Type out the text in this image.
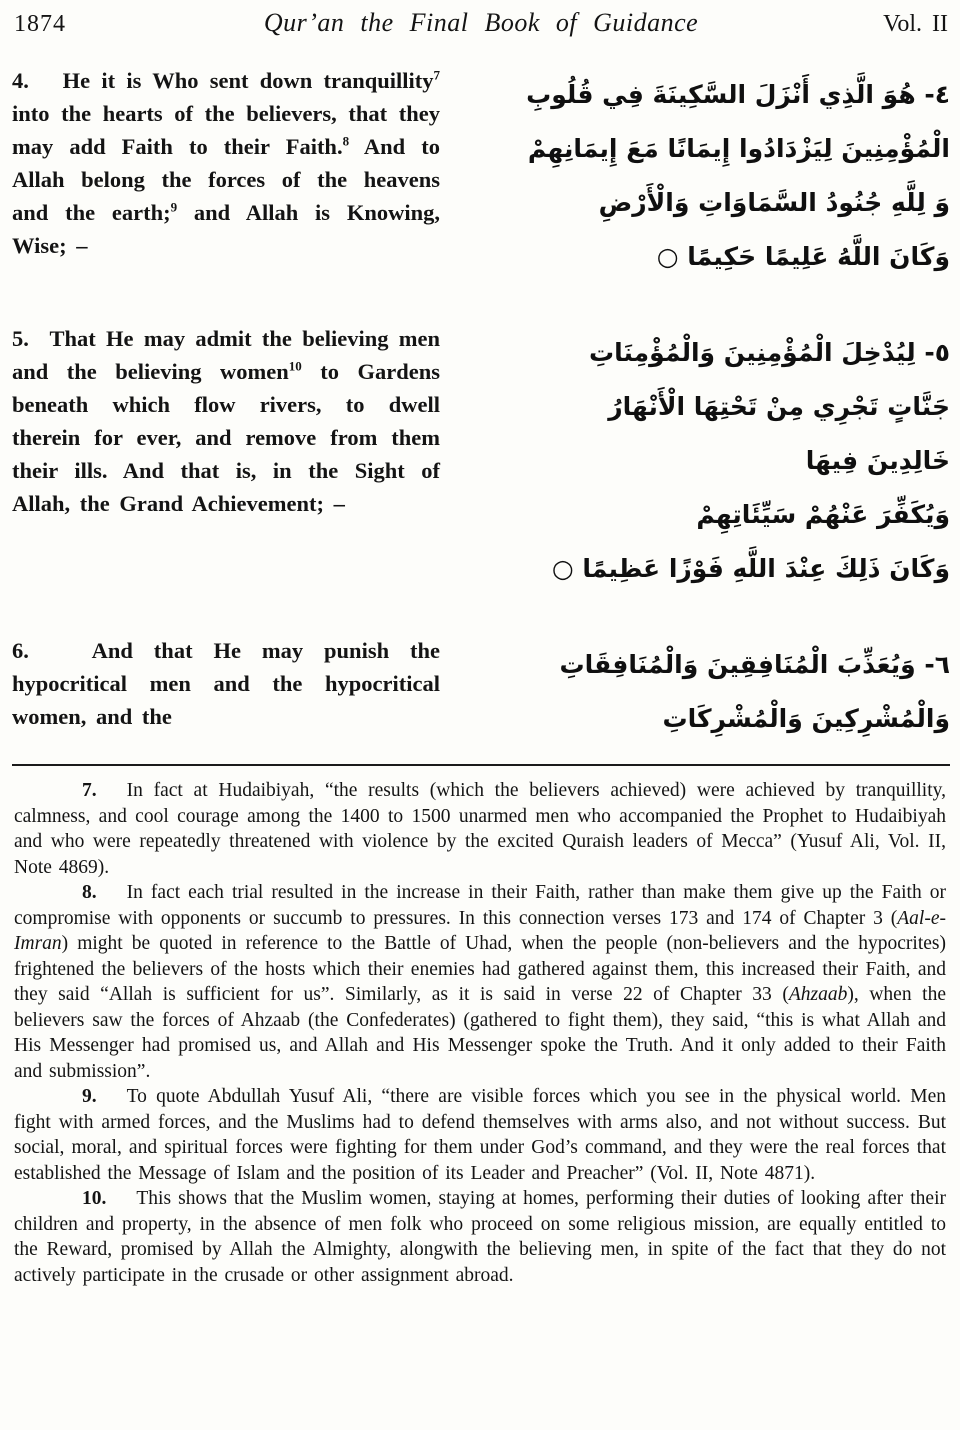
1874	Qur’an the Final Book of Guidance	Vol. II
4.   He it is Who sent down tranquillity$^7$ into the hearts of the believers, that they may add Faith to their Faith.$^8$ And to Allah belong the forces of the heavens and the earth;$^9$ and Allah is Knowing, Wise; –
٤- هُوَ الَّذِي أَنْزَلَ السَّكِينَةَ فِي قُلُوبِ
الْمُؤْمِنِينَ لِيَزْدَادُوا إِيمَانًا مَعَ إِيمَانِهِمْ
وَ لِلَّهِ جُنُودُ السَّمَاوَاتِ وَالْأَرْضِ
وَكَانَ اللَّهُ عَلِيمًا حَكِيمًا ○
5.  That He may admit the believing men and the believing women$^{10}$ to Gardens beneath which flow rivers, to dwell therein for ever, and remove from them their ills. And that is, in the Sight of Allah, the Grand Achievement; –
٥- لِيُدْخِلَ الْمُؤْمِنِينَ وَالْمُؤْمِنَاتِ
جَنَّاتٍ تَجْرِي مِنْ تَحْتِهَا الْأَنْهَارُ
خَالِدِينَ فِيهَا
وَيُكَفِّرَ عَنْهُمْ سَيِّئَاتِهِمْ
وَكَانَ ذَلِكَ عِنْدَ اللَّهِ فَوْزًا عَظِيمًا ○
6.   And that He may punish the hypocritical men and the hypocritical women, and the
٦- وَيُعَذِّبَ الْمُنَافِقِينَ وَالْمُنَافِقَاتِ
وَالْمُشْرِكِينَ وَالْمُشْرِكَاتِ

7. In fact at Hudaibiyah, “the results (which the believers achieved) were achieved by tranquillity, calmness, and cool courage among the 1400 to 1500 unarmed men who accompanied the Prophet to Hudaibiyah and who were repeatedly threatened with violence by the excited Quraish leaders of Mecca” (Yusuf Ali, Vol. II, Note 4869).

8. In fact each trial resulted in the increase in their Faith, rather than make them give up the Faith or compromise with opponents or succumb to pressures. In this connection verses 173 and 174 of Chapter 3 (Aal-e-Imran) might be quoted in reference to the Battle of Uhad, when the people (non-believers and the hypocrites) frightened the believers of the hosts which their enemies had gathered against them, this increased their Faith, and they said “Allah is sufficient for us”. Similarly, as it is said in verse 22 of Chapter 33 (Ahzaab), when the believers saw the forces of Ahzaab (the Confederates) (gathered to fight them), they said, “this is what Allah and His Messenger had promised us, and Allah and His Messenger spoke the Truth. And it only added to their Faith and submission”.

9. To quote Abdullah Yusuf Ali, “there are visible forces which you see in the physical world. Men fight with armed forces, and the Muslims had to defend themselves with arms also, and not without success. But social, moral, and spiritual forces were fighting for them under God’s command, and they were the real forces that established the Message of Islam and the position of its Leader and Preacher” (Vol. II, Note 4871).

10. This shows that the Muslim women, staying at homes, performing their duties of looking after their children and property, in the absence of men folk who proceed on some religious mission, are equally entitled to the Reward, promised by Allah the Almighty, alongwith the believing men, in spite of the fact that they do not actively participate in the crusade or other assignment abroad.
